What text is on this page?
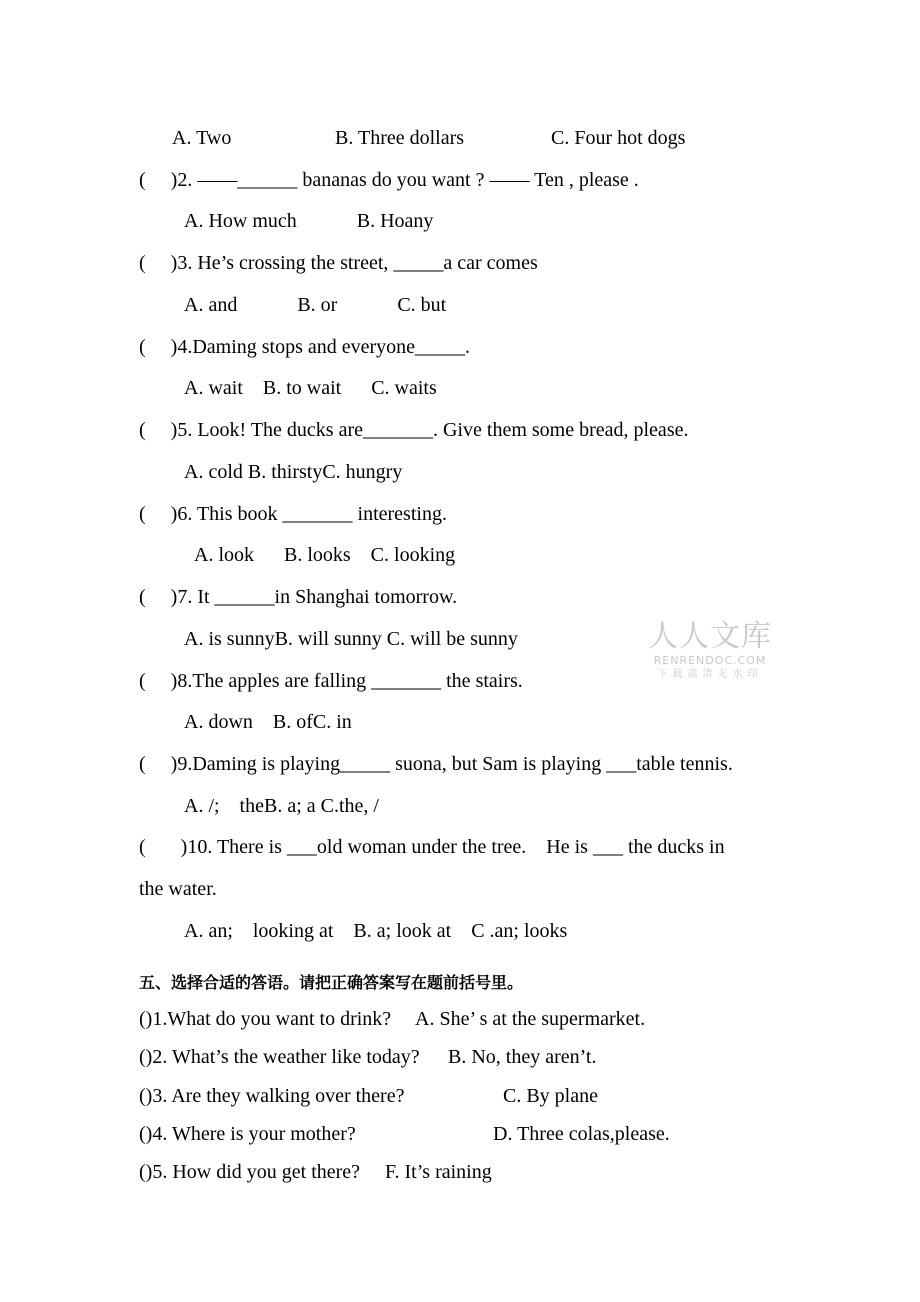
A. Two	B. Three dollars	C. Four hot dogs
(     )2. ——______ bananas do you want ? —— Ten , please .
A. How much            B. Hoany
(     )3. He’s crossing the street, _____a car comes
A. and            B. or            C. but
(     )4.Daming stops and everyone_____.
A. wait    B. to wait      C. waits
(     )5. Look! The ducks are_______. Give them some bread, please.
A. cold B. thirstyC. hungry
(     )6. This book _______ interesting.
A. look      B. looks    C. looking
(     )7. It ______in Shanghai tomorrow.
A. is sunnyB. will sunny C. will be sunny
(     )8.The apples are falling _______ the stairs.
A. down    B. ofC. in
(     )9.Daming is playing_____ suona, but Sam is playing ___table tennis.
A. /;    theB. a; a C.the, /
(       )10. There is ___old woman under the tree.    He is ___ the ducks in
the water.
A. an;    looking at    B. a; look at    C .an; looks
五、选择合适的答语。请把正确答案写在题前括号里。
()1.What do you want to drink? A. She’ s at the supermarket.
()2. What’s the weather like today? B. No, they aren’t.
()3. Are they walking over there?	C. By plane
()4. Where is your mother?	D. Three colas,please.
()5. How did you get there? F. It’s raining
人人文库
RENRENDOC.COM
下载高清无水印
